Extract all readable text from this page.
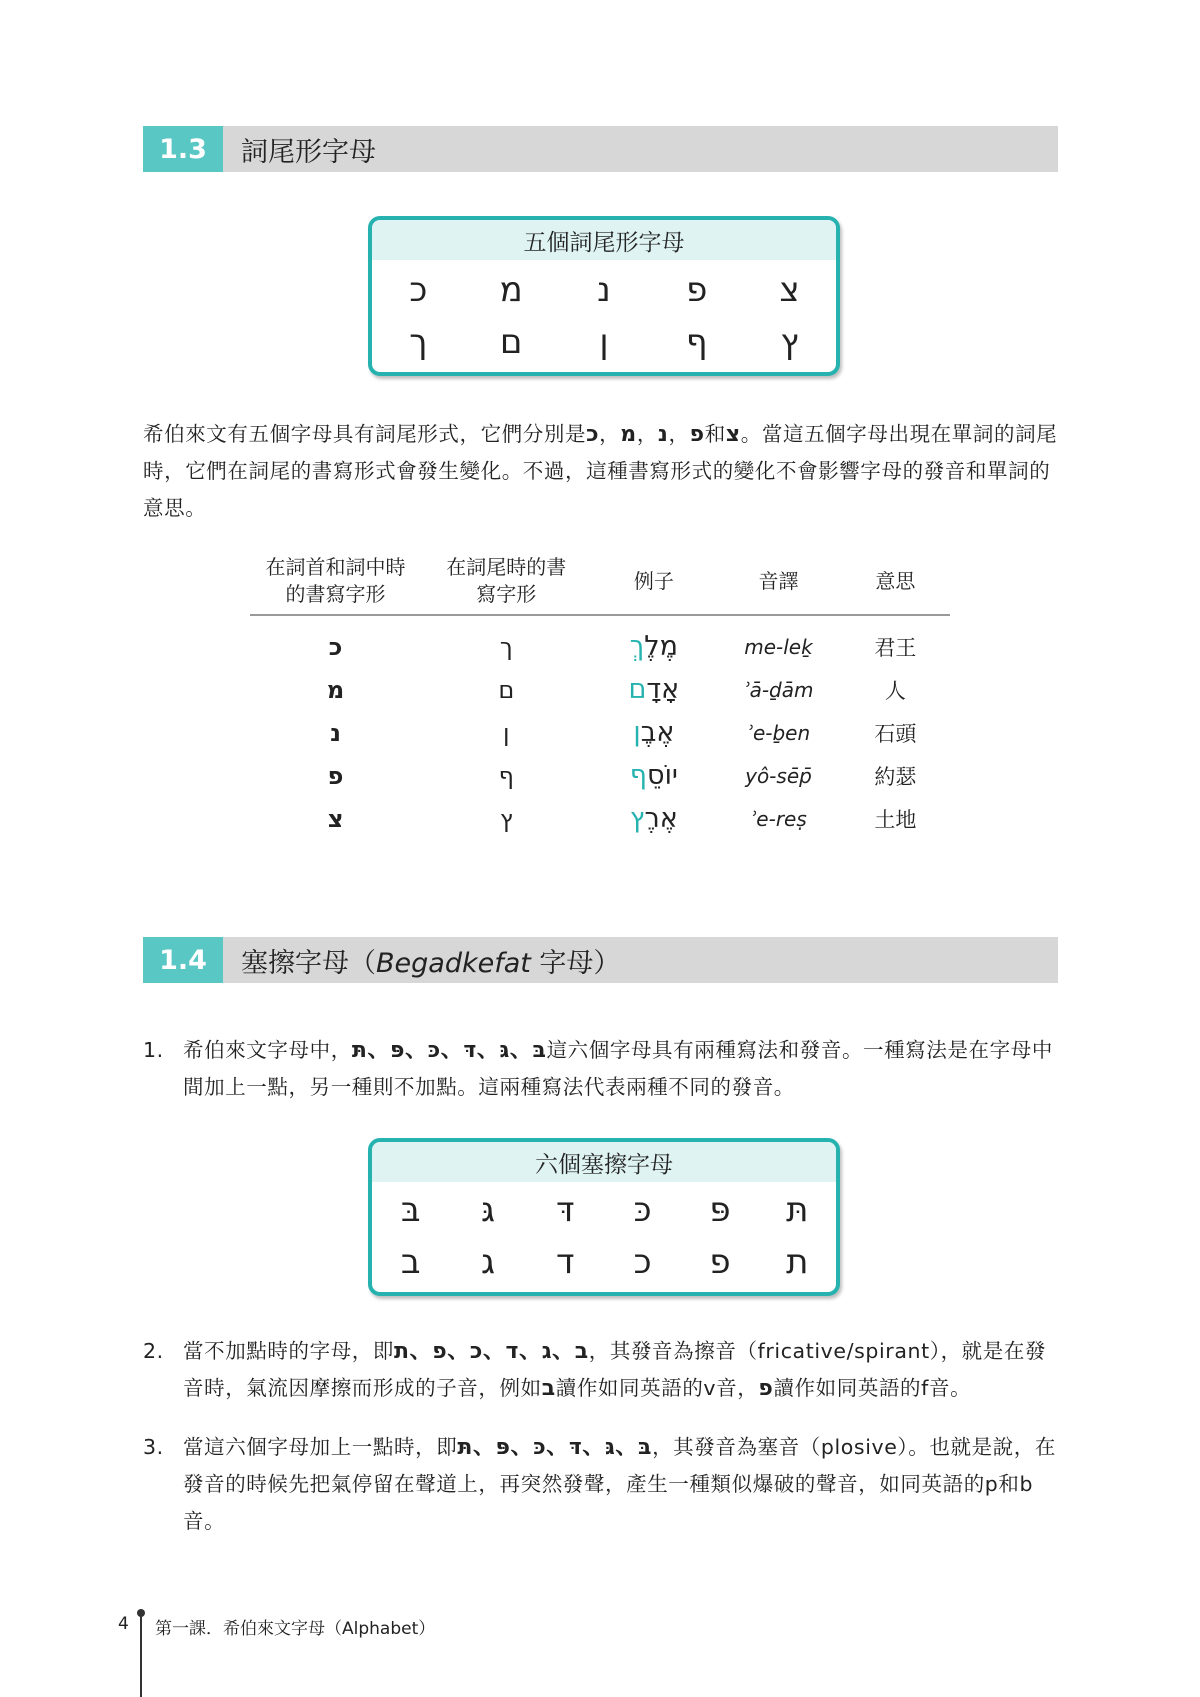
1.3	詞尾形字母
五個詞尾形字母
כ	מ	נ	פ	צ
ך	ם	ן	ף	ץ
希伯來文有五個字母具有詞尾形式，它們分別是כ，מ，נ，פ和צ。當這五個字母出現在單詞的詞尾時，它們在詞尾的書寫形式會發生變化。不過，這種書寫形式的變化不會影響字母的發音和單詞的意思。
在詞首和詞中時的書寫字形	在詞尾時的書寫字形	例子	音譯	意思
כ	ך	מֶלֶךְ	me-leḵ	君王
מ	ם	אָדָם	ʾā-ḏām	人
נ	ן	אֶבֶן	ʾe-ḇen	石頭
פ	ף	יוֹסֵף	yô-sēp̄	約瑟
צ	ץ	אֶרֶץ	ʾe-reṣ	土地
1.4	塞擦字母（Begadkefat 字母）
1. 希伯來文字母中，בּ、גּ、דּ、כּ、פּ、תּ這六個字母具有兩種寫法和發音。一種寫法是在字母中間加上一點，另一種則不加點。這兩種寫法代表兩種不同的發音。
六個塞擦字母
בּ	גּ	דּ	כּ	פּ	תּ
ב	ג	ד	כ	פ	ת
2. 當不加點時的字母，即ב、ג、ד、כ、פ、ת，其發音為擦音（fricative/spirant），就是在發音時，氣流因摩擦而形成的子音，例如ב讀作如同英語的v音，פ讀作如同英語的f音。
3. 當這六個字母加上一點時，即בּ、גּ、דּ、כּ、פּ、תּ，其發音為塞音（plosive）。也就是說，在發音的時候先把氣停留在聲道上，再突然發聲，產生一種類似爆破的聲音，如同英語的p和b音。
4 第一課．希伯來文字母（Alphabet）
